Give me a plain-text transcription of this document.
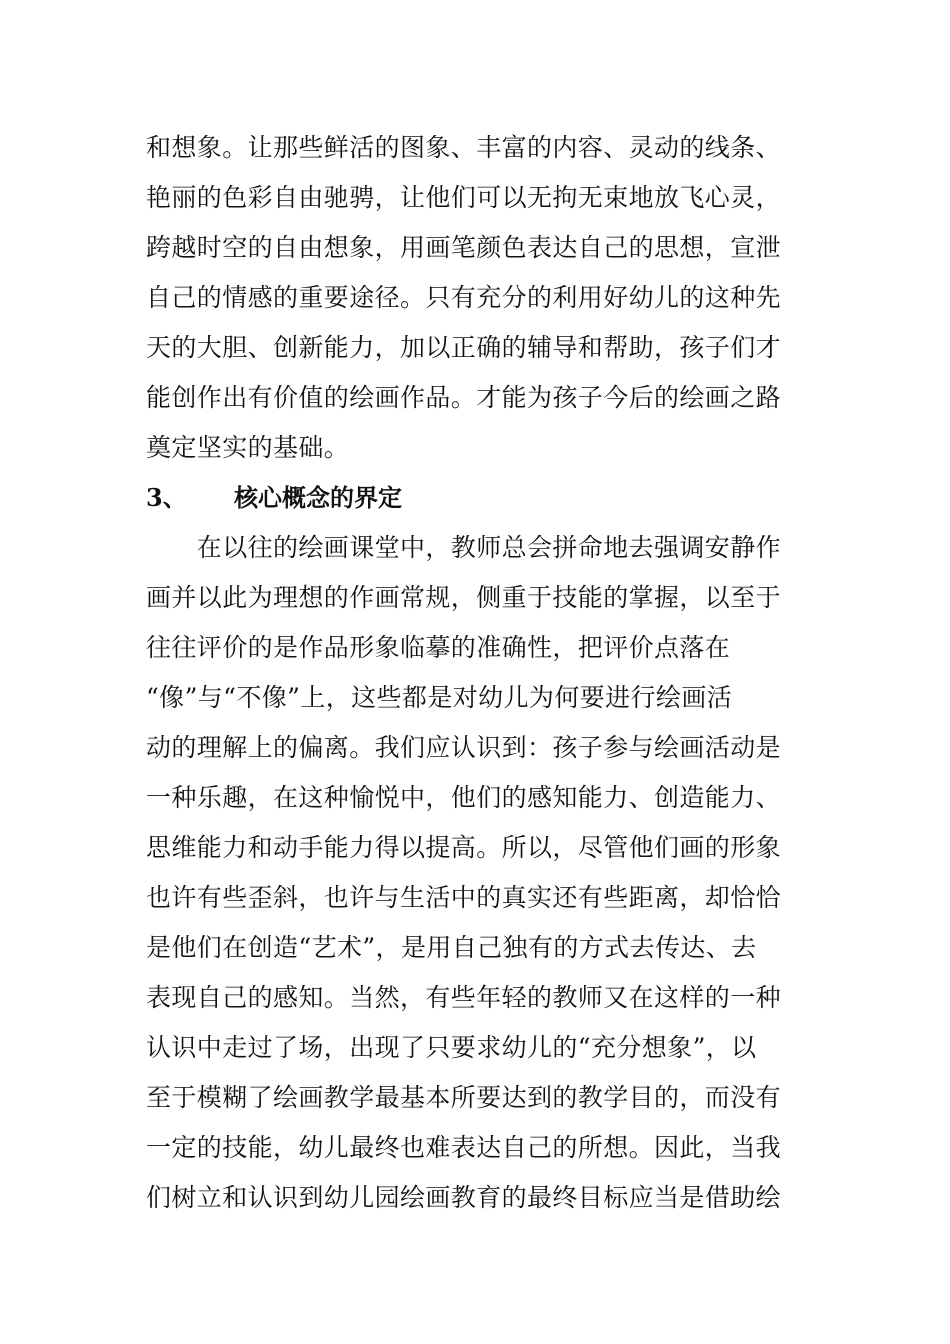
和想象。让那些鲜活的图象、丰富的内容、灵动的线条、
艳丽的色彩自由驰骋，让他们可以无拘无束地放飞心灵，
跨越时空的自由想象，用画笔颜色表达自己的思想，宣泄
自己的情感的重要途径。只有充分的利用好幼儿的这种先
天的大胆、创新能力，加以正确的辅导和帮助，孩子们才
能创作出有价值的绘画作品。才能为孩子今后的绘画之路
奠定坚实的基础。
3、 核心概念的界定
　　在以往的绘画课堂中，教师总会拼命地去强调安静作
画并以此为理想的作画常规，侧重于技能的掌握，以至于
往往评价的是作品形象临摹的准确性，把评价点落在
“像”与“不像”上，这些都是对幼儿为何要进行绘画活
动的理解上的偏离。我们应认识到：孩子参与绘画活动是
一种乐趣，在这种愉悦中，他们的感知能力、创造能力、
思维能力和动手能力得以提高。所以，尽管他们画的形象
也许有些歪斜，也许与生活中的真实还有些距离，却恰恰
是他们在创造“艺术”，是用自己独有的方式去传达、去
表现自己的感知。当然，有些年轻的教师又在这样的一种
认识中走过了场，出现了只要求幼儿的“充分想象”，以
至于模糊了绘画教学最基本所要达到的教学目的，而没有
一定的技能，幼儿最终也难表达自己的所想。因此，当我
们树立和认识到幼儿园绘画教育的最终目标应当是借助绘
